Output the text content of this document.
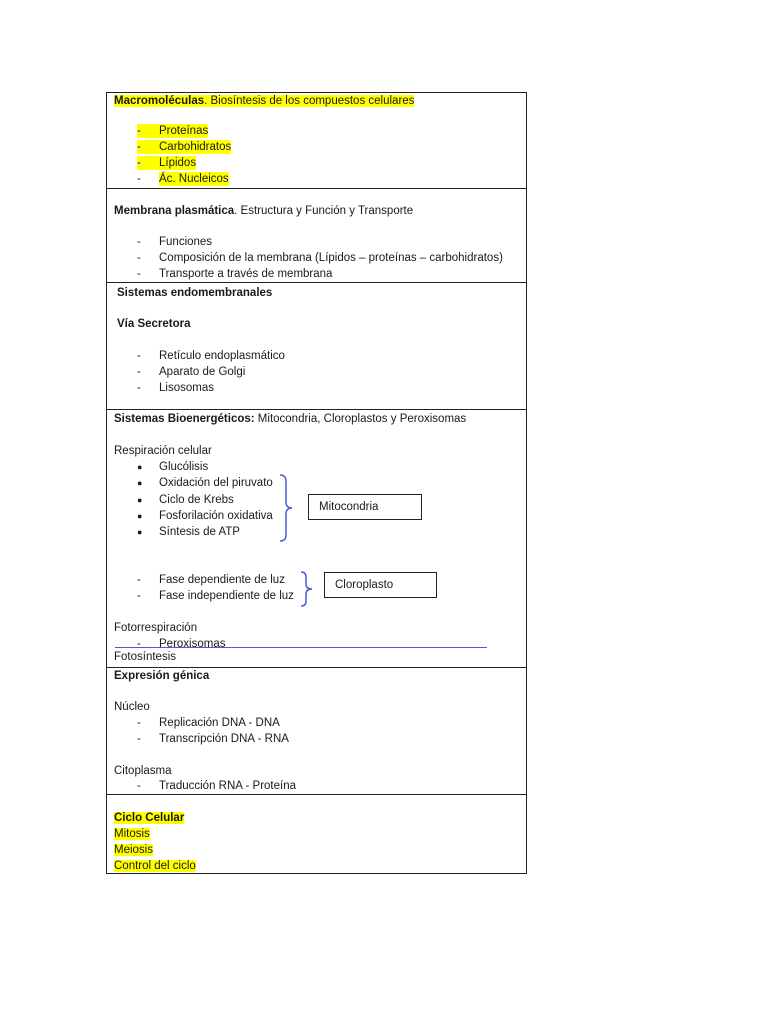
Macromoléculas. Biosíntesis de los compuestos celulares
- Proteínas
- Carbohidratos
- Lípidos
- Ác. Nucleicos
Membrana plasmática. Estructura y Función y Transporte
- Funciones
- Composición de la membrana (Lípidos – proteínas – carbohidratos)
- Transporte a través de membrana
Sistemas endomembranales
Vía Secretora
- Retículo endoplasmático
- Aparato de Golgi
- Lisosomas
Sistemas Bioenergéticos: Mitocondria, Cloroplastos y Peroxisomas
Respiración celular
● Glucólisis
● Oxidación del piruvato
● Ciclo de Krebs
● Fosforilación oxidativa
● Síntesis de ATP
Mitocondria
Fotosíntesis
Expresión génica
Núcleo
- Replicación DNA - DNA
- Transcripción DNA - RNA
Citoplasma
- Traducción RNA - Proteína
Ciclo Celular
Mitosis
Meiosis
Control del ciclo
- Fase dependiente de luz
- Fase independiente de luz
Cloroplasto
Fotorrespiración
- Peroxisomas
